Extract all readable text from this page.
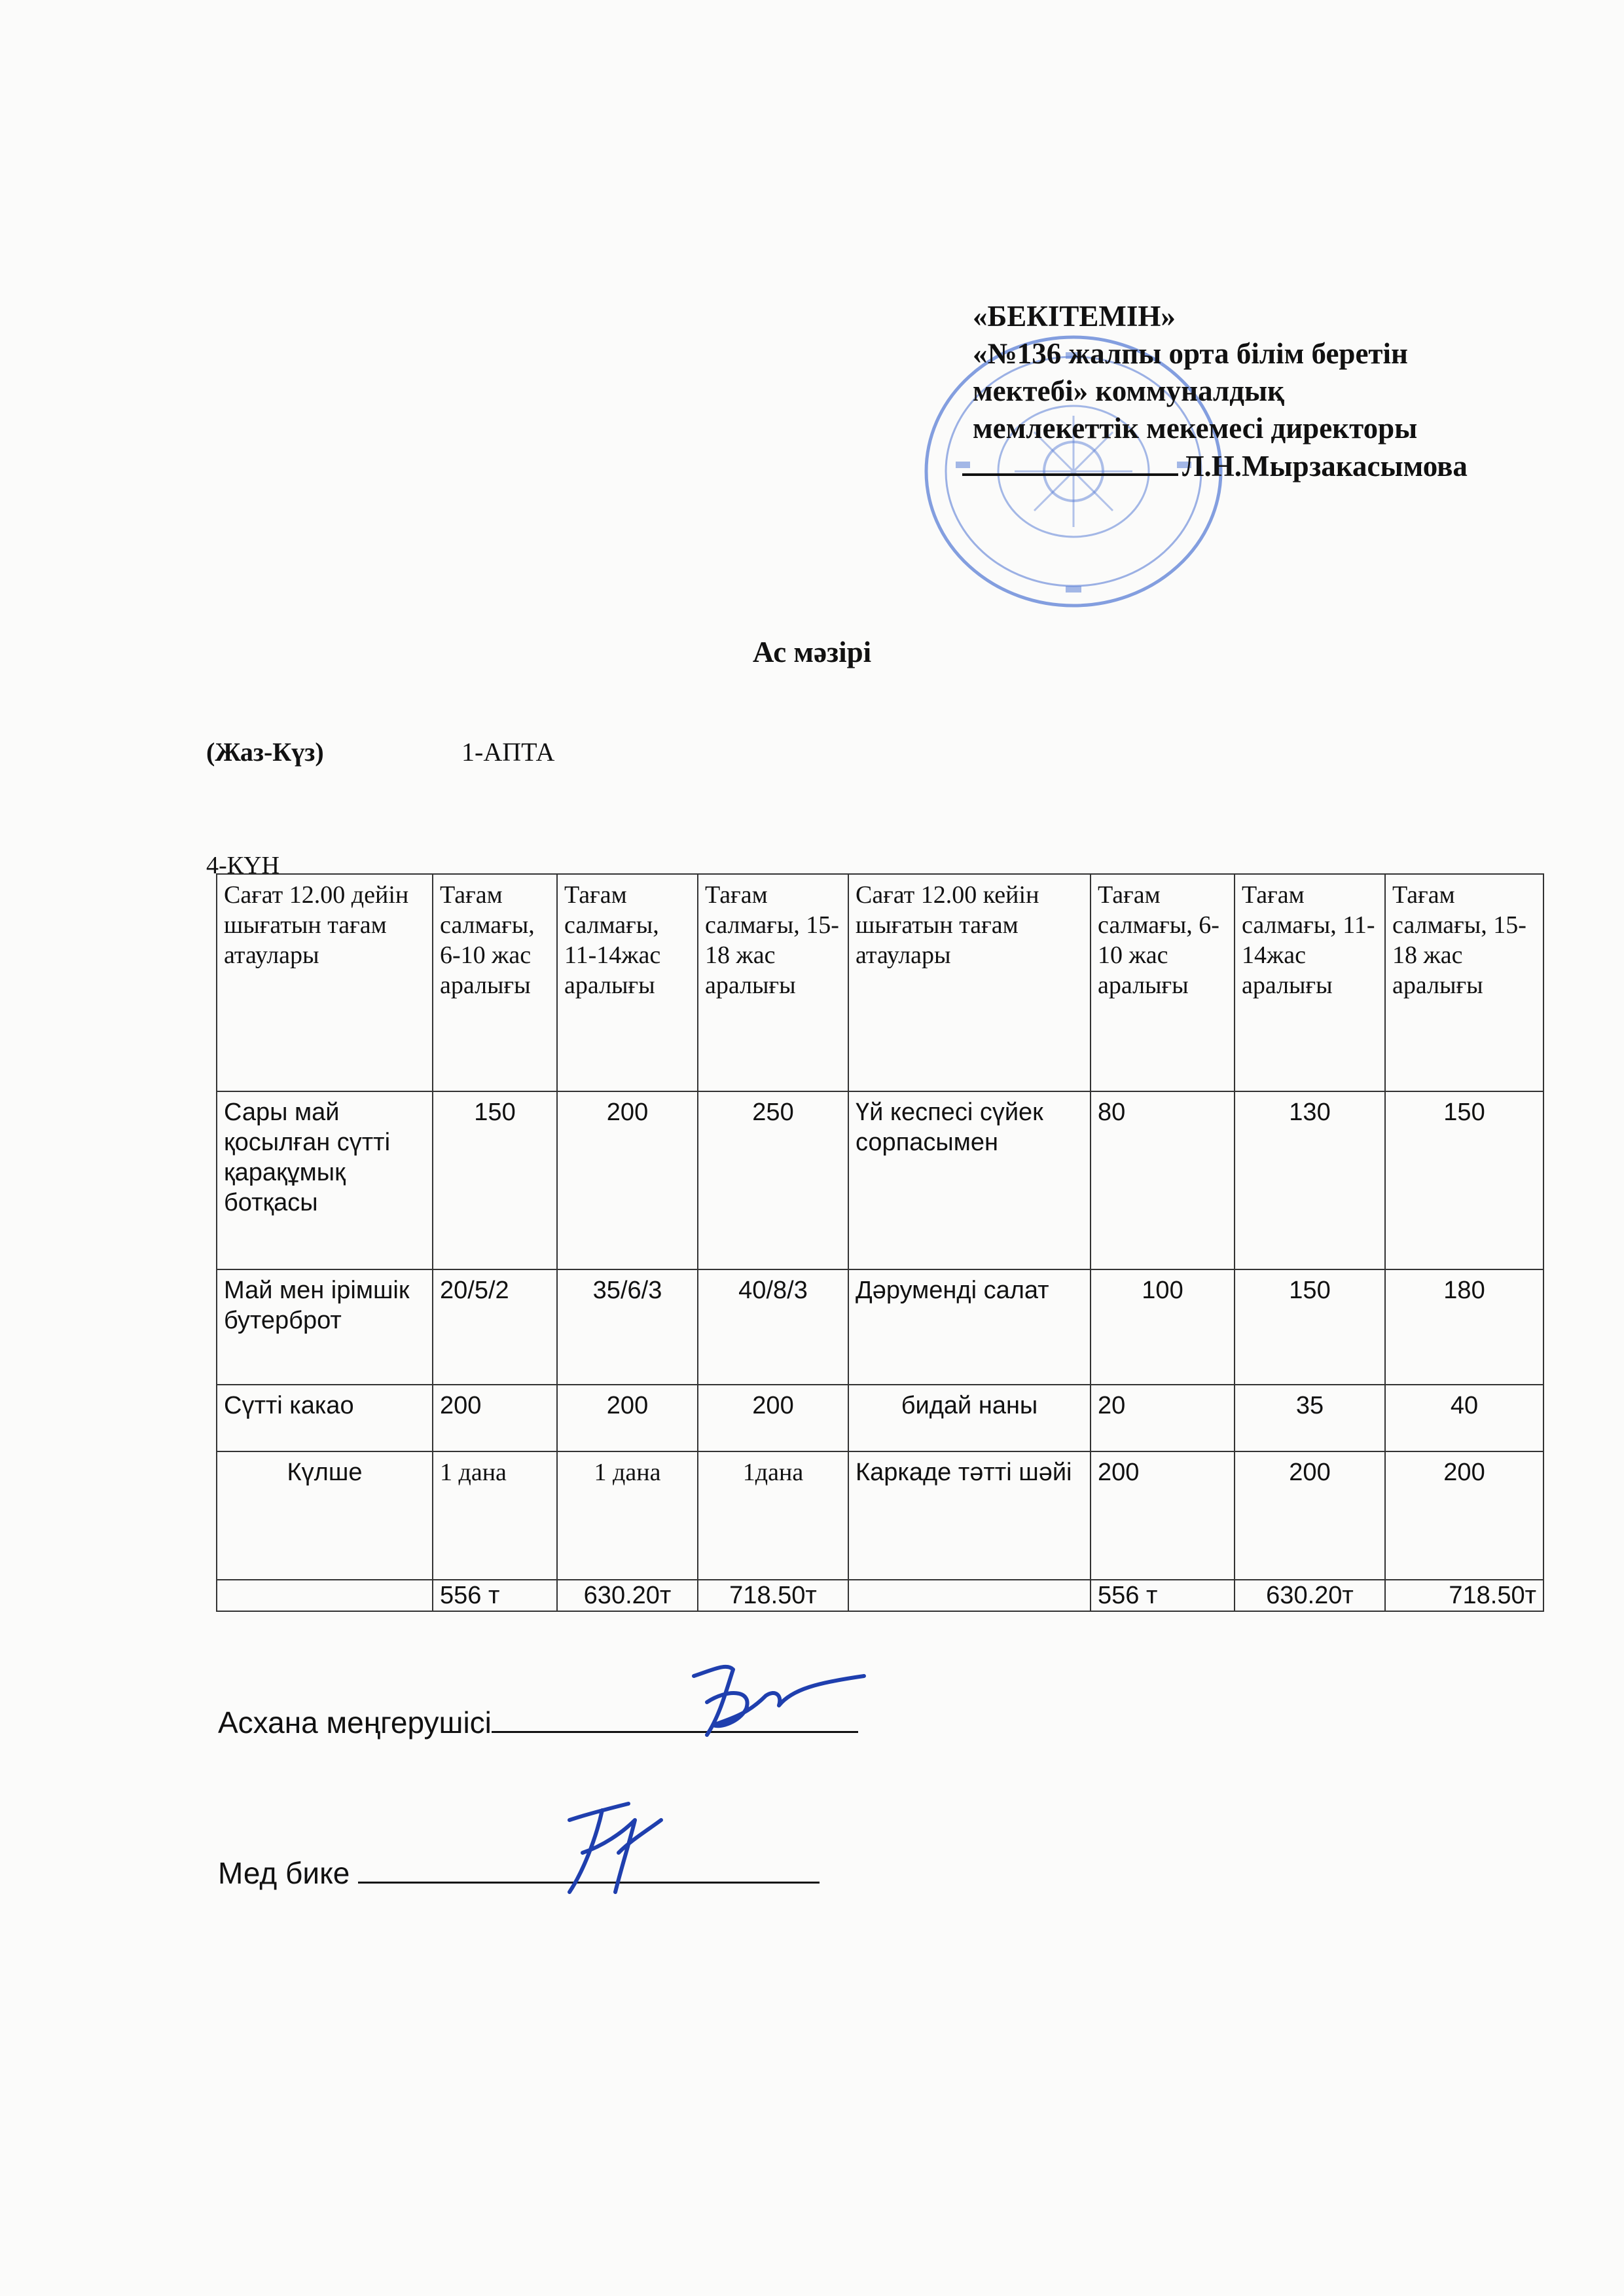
«БЕКІТЕМІН»
«№136 жалпы орта білім беретін
мектебі» коммуналдық
мемлекеттік мекемесі директоры
Л.Н.Мырзакасымова
Ас мәзірі
(Жаз-Күз)	1-АПТА
4-КҮН
Сағат 12.00 дейін шығатын тағам атаулары	Тағам салмағы, 6-10 жас аралығы	Тағам салмағы, 11-14жас аралығы	Тағам салмағы, 15-18 жас аралығы	Сағат 12.00 кейін шығатын тағам атаулары	Тағам салмағы, 6-10 жас аралығы	Тағам салмағы, 11-14жас аралығы	Тағам салмағы, 15-18 жас аралығы
Сары май қосылған сүтті қарақұмық ботқасы	150	200	250	Үй кеспесі сүйек сорпасымен	80	130	150
Май мен ірімшік бутерброт	20/5/2	35/6/3	40/8/3	Дәруменді салат	100	150	180
Сүтті какао	200	200	200	бидай наны	20	35	40
Күлше	1 дана	1 дана	1дана	Каркаде тәтті шәйі	200	200	200
	556 т	630.20т	718.50т		556 т	630.20т	718.50т
Асхана меңгерушісі
Мед бике
